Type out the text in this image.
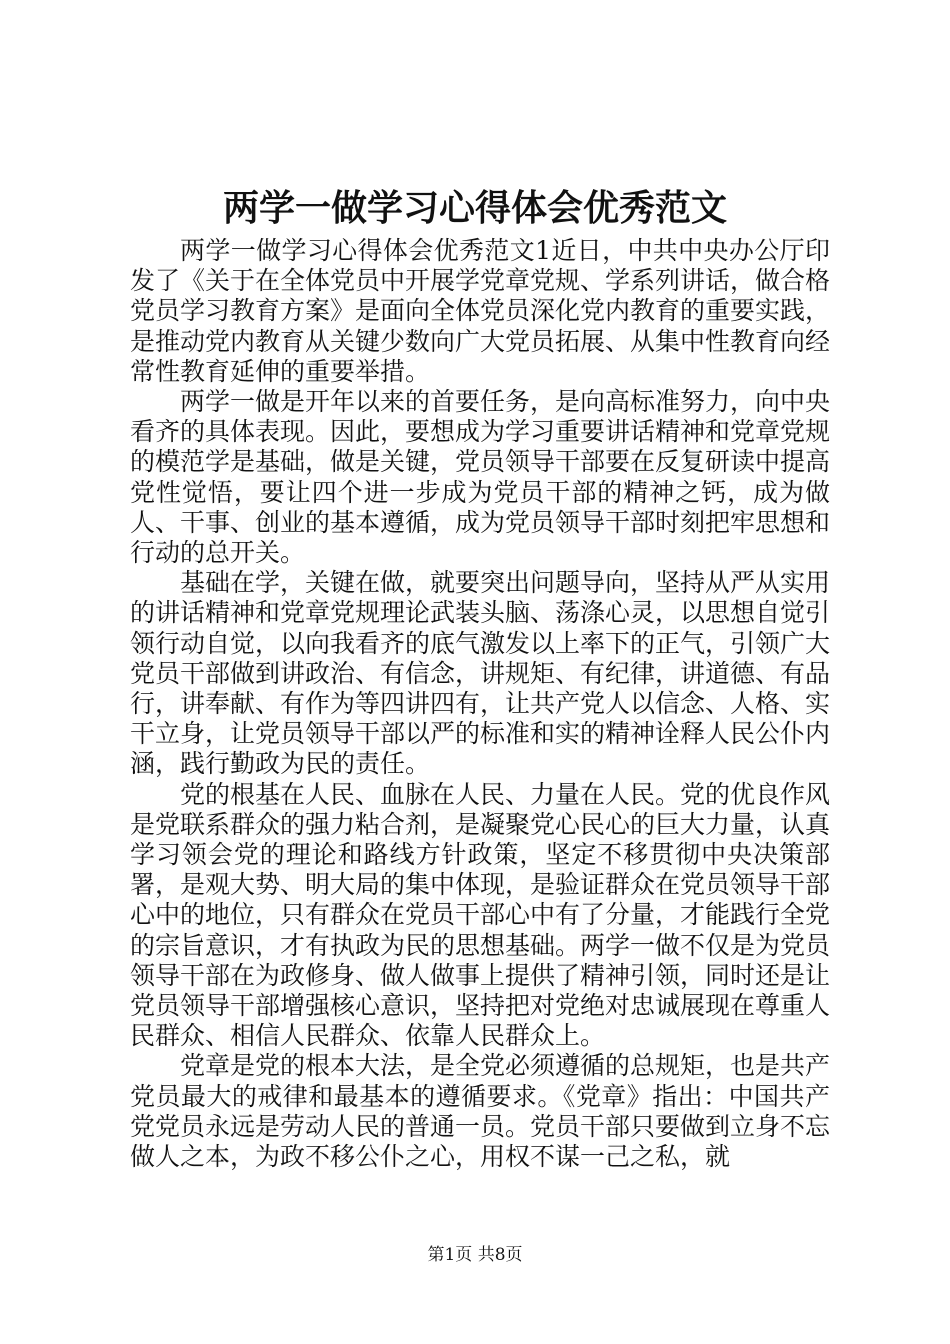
两学一做学习心得体会优秀范文

两学一做学习心得体会优秀范文1近日，中共中央办公厅印发了《关于在全体党员中开展学党章党规、学系列讲话，做合格党员学习教育方案》是面向全体党员深化党内教育的重要实践，是推动党内教育从关键少数向广大党员拓展、从集中性教育向经常性教育延伸的重要举措。

两学一做是开年以来的首要任务，是向高标准努力，向中央看齐的具体表现。因此，要想成为学习重要讲话精神和党章党规的模范学是基础，做是关键，党员领导干部要在反复研读中提高党性觉悟，要让四个进一步成为党员干部的精神之钙，成为做人、干事、创业的基本遵循，成为党员领导干部时刻把牢思想和行动的总开关。

基础在学，关键在做，就要突出问题导向，坚持从严从实用的讲话精神和党章党规理论武装头脑、荡涤心灵，以思想自觉引领行动自觉，以向我看齐的底气激发以上率下的正气，引领广大党员干部做到讲政治、有信念，讲规矩、有纪律，讲道德、有品行，讲奉献、有作为等四讲四有，让共产党人以信念、人格、实干立身，让党员领导干部以严的标准和实的精神诠释人民公仆内涵，践行勤政为民的责任。

党的根基在人民、血脉在人民、力量在人民。党的优良作风是党联系群众的强力粘合剂，是凝聚党心民心的巨大力量，认真学习领会党的理论和路线方针政策，坚定不移贯彻中央决策部署，是观大势、明大局的集中体现，是验证群众在党员领导干部心中的地位，只有群众在党员干部心中有了分量，才能践行全党的宗旨意识，才有执政为民的思想基础。两学一做不仅是为党员领导干部在为政修身、做人做事上提供了精神引领，同时还是让党员领导干部增强核心意识，坚持把对党绝对忠诚展现在尊重人民群众、相信人民群众、依靠人民群众上。

党章是党的根本大法，是全党必须遵循的总规矩，也是共产党员最大的戒律和最基本的遵循要求。《党章》指出：中国共产党党员永远是劳动人民的普通一员。党员干部只要做到立身不忘做人之本，为政不移公仆之心，用权不谋一己之私，就

第1页 共8页
